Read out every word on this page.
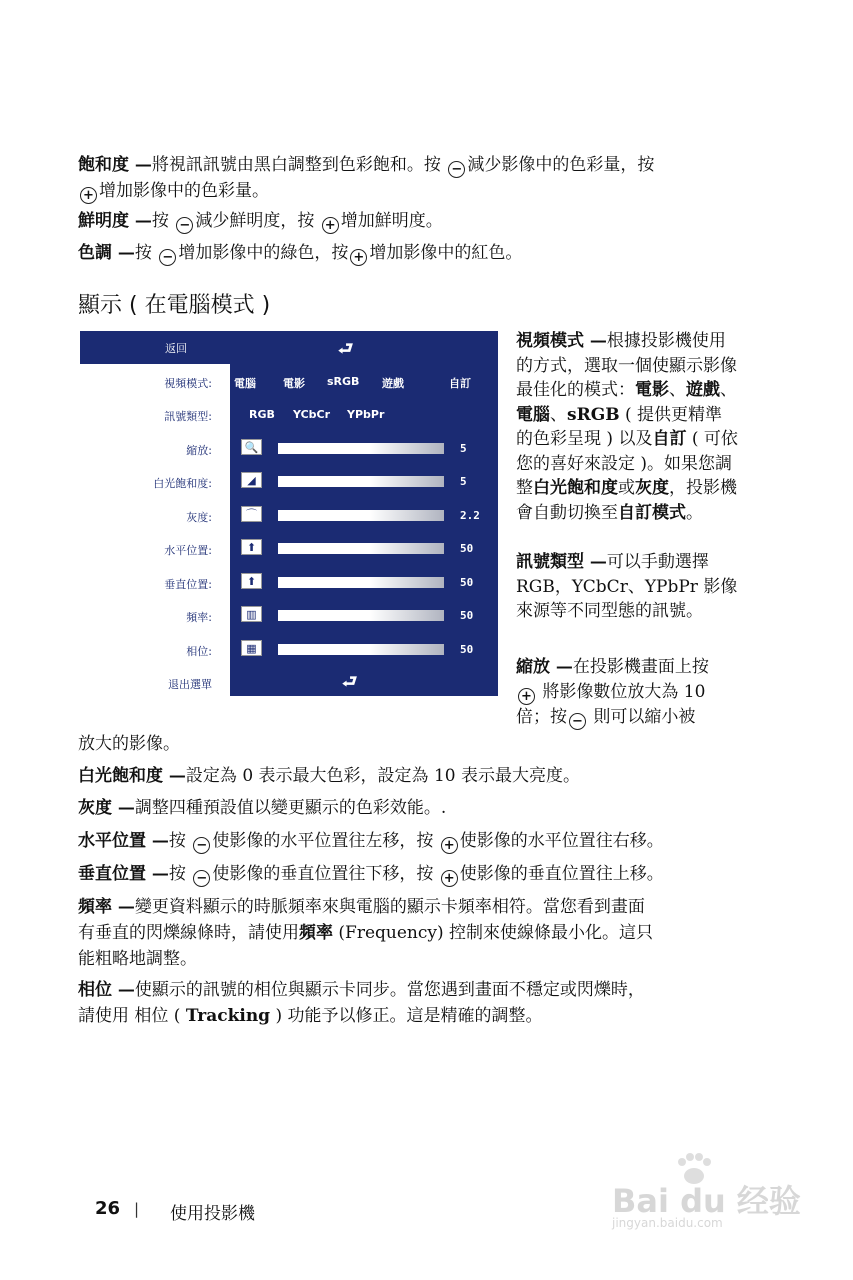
飽和度 —將視訊訊號由黑白調整到色彩飽和。按 − 減少影像中的色彩量，按

+ 增加影像中的色彩量。

鮮明度 —按 − 減少鮮明度，按 + 增加鮮明度。

色調 —按 − 增加影像中的綠色，按 + 增加影像中的紅色。

顯示 ( 在電腦模式 )
返回	⮐
視頻模式: 電腦 電影 sRGB 遊戲	自訂
訊號類型:	RGB YCbCr YPbPr
縮放:	🔍	5
白光飽和度:	◢	5
灰度:	⌒	2.2
水平位置:	⬆	50
垂直位置:	⬆	50
頻率:	▥	50
相位:	▦	50
退出選單	⮐

視頻模式 —根據投影機使用的方式，選取一個使顯示影像最佳化的模式：電影、遊戲、電腦、sRGB ( 提供更精準的色彩呈現 ) 以及自訂 ( 可依您的喜好來設定 )。如果您調整白光飽和度或灰度，投影機會自動切換至自訂模式。

訊號類型 —可以手動選擇 RGB，YCbCr、YPbPr 影像來源等不同型態的訊號。

縮放 —在投影機畫面上按
+ 將影像數位放大為 10 倍；按 − 則可以縮小被

放大的影像。

白光飽和度 —設定為 0 表示最大色彩，設定為 10 表示最大亮度。

灰度 —調整四種預設值以變更顯示的色彩效能。.

水平位置 —按 − 使影像的水平位置往左移，按 + 使影像的水平位置往右移。

垂直位置 —按 − 使影像的垂直位置往下移，按 + 使影像的垂直位置往上移。

頻率 —變更資料顯示的時脈頻率來與電腦的顯示卡頻率相符。當您看到畫面
有垂直的閃爍線條時，請使用頻率 (Frequency) 控制來使線條最小化。這只
能粗略地調整。

相位 —使顯示的訊號的相位與顯示卡同步。當您遇到畫面不穩定或閃爍時，
請使用 相位 ( Tracking ) 功能予以修正。這是精確的調整。

26 | 使用投影機	Bai du 经验
jingyan.baidu.com
